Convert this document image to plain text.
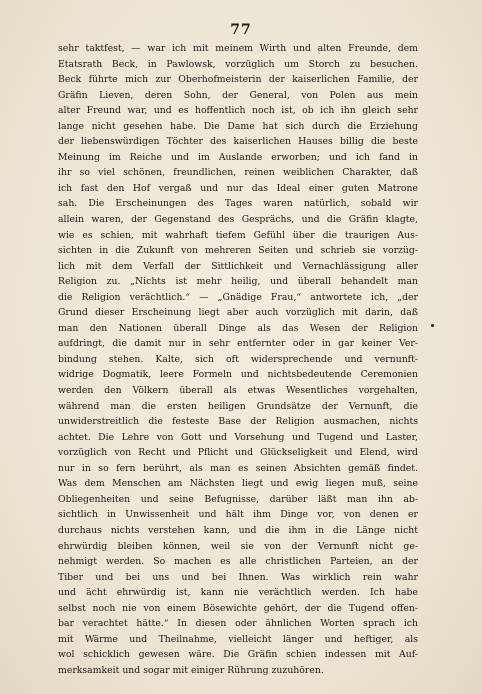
77
sehr taktfest, — war ich mit meinem Wirth und alten Freunde, dem
Etatsrath Beck, in Pawlowsk, vorzüglich um Storch zu besuchen.
Beck führte mich zur Oberhofmeisterin der kaiserlichen Familie, der
Gräfin Lieven, deren Sohn, der General, von Polen aus mein
alter Freund war, und es hoffentlich noch ist, ob ich ihn gleich sehr
lange nicht gesehen habe. Die Dame hat sich durch die Erziehung
der liebenswürdigen Töchter des kaiserlichen Hauses billig die beste
Meinung im Reiche und im Auslande erworben; und ich fand in
ihr so viel schönen, freundlichen, reinen weiblichen Charakter, daß
ich fast den Hof vergaß und nur das Ideal einer guten Matrone
sah. Die Erscheinungen des Tages waren natürlich, sobald wir
allein waren, der Gegenstand des Gesprächs, und die Gräfin klagte,
wie es schien, mit wahrhaft tiefem Gefühl über die traurigen Aus-
sichten in die Zukunft von mehreren Seiten und schrieb sie vorzüg-
lich mit dem Verfall der Sittlichkeit und Vernachlässigung aller
Religion zu. „Nichts ist mehr heilig, und überall behandelt man
die Religion verächtlich.“ — „Gnädige Frau,“ antwortete ich, „der
Grund dieser Erscheinung liegt aber auch vorzüglich mit darin, daß
man den Nationen überall Dinge als das Wesen der Religion
aufdringt, die damit nur in sehr entfernter oder in gar keiner Ver-
bindung stehen. Kalte, sich oft widersprechende und vernunft-
widrige Dogmatik, leere Formeln und nichtsbedeutende Ceremonien
werden den Völkern überall als etwas Wesentliches vorgehalten,
während man die ersten heiligen Grundsätze der Vernunft, die
unwiderstreitlich die festeste Base der Religion ausmachen, nichts
achtet. Die Lehre von Gott und Vorsehung und Tugend und Laster,
vorzüglich von Recht und Pflicht und Glückseligkeit und Elend, wird
nur in so fern berührt, als man es seinen Absichten gemäß findet.
Was dem Menschen am Nächsten liegt und ewig liegen muß, seine
Obliegenheiten und seine Befugnisse, darüber läßt man ihn ab-
sichtlich in Unwissenheit und hält ihm Dinge vor, von denen er
durchaus nichts verstehen kann, und die ihm in die Länge nicht
ehrwürdig bleiben können, weil sie von der Vernunft nicht ge-
nehmigt werden. So machen es alle christlichen Parteien, an der
Tiber und bei uns und bei Ihnen. Was wirklich rein wahr
und ächt ehrwürdig ist, kann nie verächtlich werden. Ich habe
selbst noch nie von einem Bösewichte gehört, der die Tugend offen-
bar verachtet hätte.“ In diesen oder ähnlichen Worten sprach ich
mit Wärme und Theilnahme, vielleicht länger und heftiger, als
wol schicklich gewesen wäre. Die Gräfin schien indessen mit Auf-
merksamkeit und sogar mit einiger Rührung zuzuhören.
